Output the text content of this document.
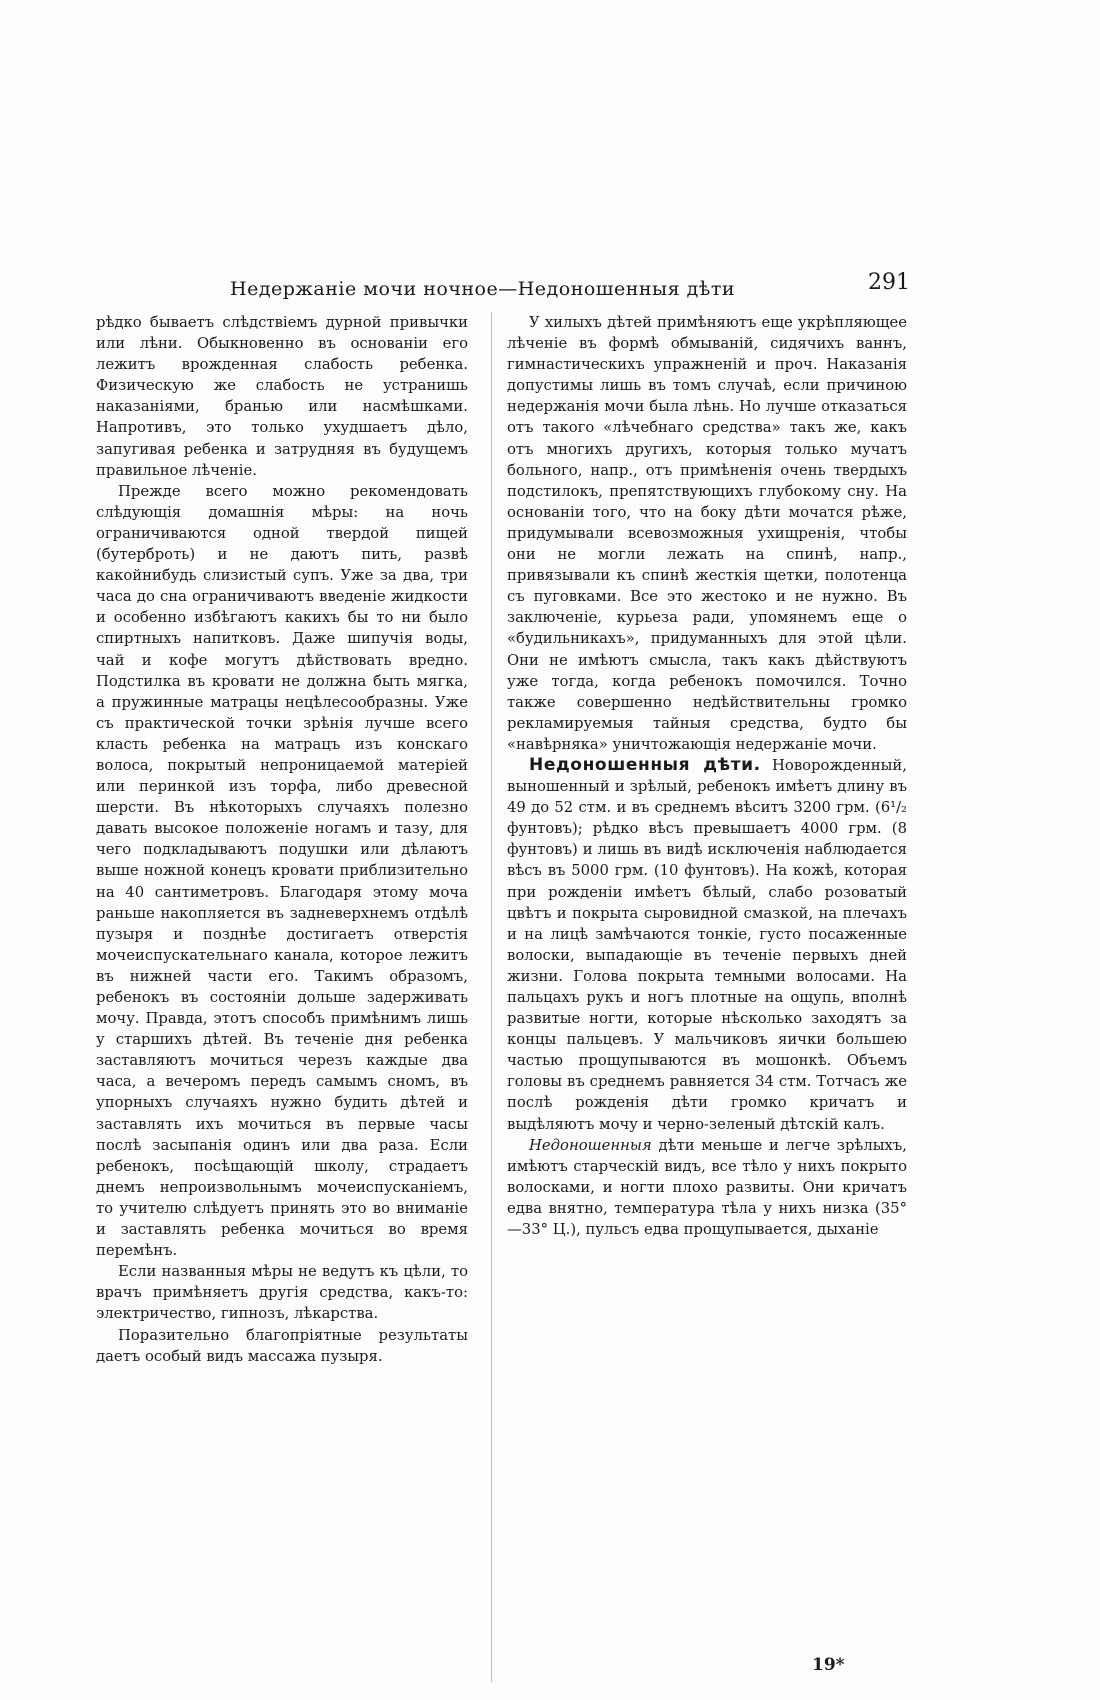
Недержаніе мочи ночное—Недоношенныя дѣти	291

рѣдко бываетъ слѣдствіемъ дурной привычки или лѣни. Обыкновенно въ основаніи его лежитъ врожденная слабость ребенка. Физическую же слабость не устранишь наказаніями, бранью или насмѣшками. Напротивъ, это только ухудшаетъ дѣло, запугивая ребенка и затрудняя въ будущемъ правильное лѣченіе.

Прежде всего можно рекомендовать слѣдующія домашнія мѣры: на ночь ограничиваются одной твердой пищей (бутерброть) и не даютъ пить, развѣ какойнибудь слизистый супъ. Уже за два, три часа до сна ограничиваютъ введеніе жидкости и особенно избѣгаютъ какихъ бы то ни было спиртныхъ напитковъ. Даже шипучія воды, чай и кофе могутъ дѣйствовать вредно. Подстилка въ кровати не должна быть мягка, а пружинные матрацы нецѣлесообразны. Уже съ практической точки зрѣнія лучше всего класть ребенка на матрацъ изъ конскаго волоса, покрытый непроницаемой матеріей или перинкой изъ торфа, либо древесной шерсти. Въ нѣкоторыхъ случаяхъ полезно давать высокое положеніе ногамъ и тазу, для чего подкладываютъ подушки или дѣлаютъ выше ножной конецъ кровати приблизительно на 40 сантиметровъ. Благодаря этому моча раньше накопляется въ задневерхнемъ отдѣлѣ пузыря и позднѣе достигаетъ отверстія мочеиспускательнаго канала, которое лежитъ въ нижней части его. Такимъ образомъ, ребенокъ въ состояніи дольше задерживать мочу. Правда, этотъ способъ примѣнимъ лишь у старшихъ дѣтей. Въ теченіе дня ребенка заставляютъ мочиться черезъ каждые два часа, а вечеромъ передъ самымъ сномъ, въ упорныхъ случаяхъ нужно будить дѣтей и заставлять ихъ мочиться въ первые часы послѣ засыпанія одинъ или два раза. Если ребенокъ, посѣщающій школу, страдаетъ днемъ непроизвольнымъ мочеиспусканіемъ, то учителю слѣдуетъ принять это во вниманіе и заставлять ребенка мочиться во время перемѣнъ.

Если названныя мѣры не ведутъ къ цѣли, то врачъ примѣняетъ другія средства, какъ-то: электричество, гипнозъ, лѣкарства.

Поразительно благопріятные результаты даетъ особый видъ массажа пузыря.

У хилыхъ дѣтей примѣняютъ еще укрѣпляющее лѣченіе въ формѣ обмываній, сидячихъ ваннъ, гимнастическихъ упражненій и проч. Наказанія допустимы лишь въ томъ случаѣ, если причиною недержанія мочи была лѣнь. Но лучше отказаться отъ такого «лѣчебнаго средства» такъ же, какъ отъ многихъ другихъ, которыя только мучатъ больного, напр., отъ примѣненія очень твердыхъ подстилокъ, препятствующихъ глубокому сну. На основаніи того, что на боку дѣти мочатся рѣже, придумывали всевозможныя ухищренія, чтобы они не могли лежать на спинѣ, напр., привязывали къ спинѣ жесткія щетки, полотенца съ пуговками. Все это жестоко и не нужно. Въ заключеніе, курьеза ради, упомянемъ еще о «будильникахъ», придуманныхъ для этой цѣли. Они не имѣютъ смысла, такъ какъ дѣйствуютъ уже тогда, когда ребенокъ помочился. Точно также совершенно недѣйствительны громко рекламируемыя тайныя средства, будто бы «навѣрняка» уничтожающія недержаніе мочи.

Недоношенныя дѣти. Новорожденный, выношенный и зрѣлый, ребенокъ имѣетъ длину въ 49 до 52 стм. и въ среднемъ вѣситъ 3200 грм. (6¹/₂ фунтовъ); рѣдко вѣсъ превышаетъ 4000 грм. (8 фунтовъ) и лишь въ видѣ исключенія наблюдается вѣсъ въ 5000 грм. (10 фунтовъ). На кожѣ, которая при рожденіи имѣетъ бѣлый, слабо розоватый цвѣтъ и покрыта сыровидной смазкой, на плечахъ и на лицѣ замѣчаются тонкіе, густо посаженные волоски, выпадающіе въ теченіе первыхъ дней жизни. Голова покрыта темными волосами. На пальцахъ рукъ и ногъ плотные на ощупь, вполнѣ развитые ногти, которые нѣсколько заходятъ за концы пальцевъ. У мальчиковъ яички большею частью прощупываются въ мошонкѣ. Объемъ головы въ среднемъ равняется 34 стм. Тотчасъ же послѣ рожденія дѣти громко кричатъ и выдѣляютъ мочу и черно-зеленый дѣтскій калъ.

Недоношенныя дѣти меньше и легче зрѣлыхъ, имѣютъ старческій видъ, все тѣло у нихъ покрыто волосками, и ногти плохо развиты. Они кричатъ едва внятно, температура тѣла у нихъ низка (35°—33° Ц.), пульсъ едва прощупывается, дыханіе

19*
